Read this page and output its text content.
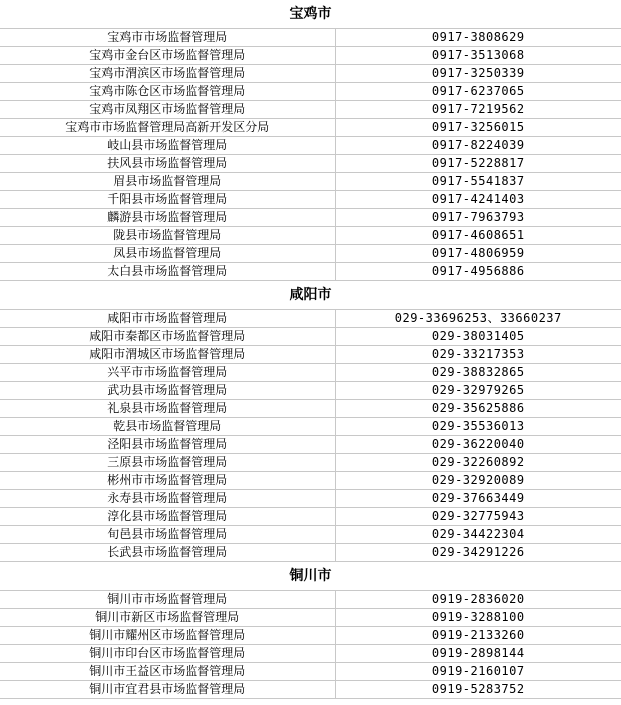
宝鸡市
宝鸡市市场监督管理局	0917-3808629
宝鸡市金台区市场监督管理局	0917-3513068
宝鸡市渭滨区市场监督管理局	0917-3250339
宝鸡市陈仓区市场监督管理局	0917-6237065
宝鸡市凤翔区市场监督管理局	0917-7219562
宝鸡市市场监督管理局高新开发区分局	0917-3256015
岐山县市场监督管理局	0917-8224039
扶风县市场监督管理局	0917-5228817
眉县市场监督管理局	0917-5541837
千阳县市场监督管理局	0917-4241403
麟游县市场监督管理局	0917-7963793
陇县市场监督管理局	0917-4608651
凤县市场监督管理局	0917-4806959
太白县市场监督管理局	0917-4956886
咸阳市
咸阳市市场监督管理局	029-33696253、33660237
咸阳市秦都区市场监督管理局	029-38031405
咸阳市渭城区市场监督管理局	029-33217353
兴平市市场监督管理局	029-38832865
武功县市场监督管理局	029-32979265
礼泉县市场监督管理局	029-35625886
乾县市场监督管理局	029-35536013
泾阳县市场监督管理局	029-36220040
三原县市场监督管理局	029-32260892
彬州市市场监督管理局	029-32920089
永寿县市场监督管理局	029-37663449
淳化县市场监督管理局	029-32775943
旬邑县市场监督管理局	029-34422304
长武县市场监督管理局	029-34291226
铜川市
铜川市市场监督管理局	0919-2836020
铜川市新区市场监督管理局	0919-3288100
铜川市耀州区市场监督管理局	0919-2133260
铜川市印台区市场监督管理局	0919-2898144
铜川市王益区市场监督管理局	0919-2160107
铜川市宜君县市场监督管理局	0919-5283752
